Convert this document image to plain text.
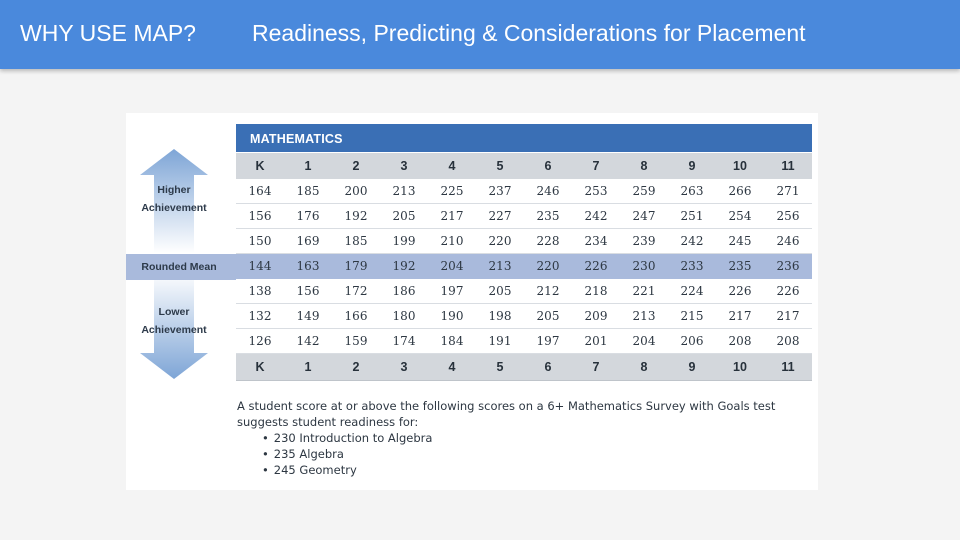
WHY USE MAP? Readiness, Predicting & Considerations for Placement
Higher Achievement
Rounded Mean
Lower Achievement
MATHEMATICS
K	1	2	3	4	5	6	7	8	9	10	11
164	185	200	213	225	237	246	253	259	263	266	271
156	176	192	205	217	227	235	242	247	251	254	256
150	169	185	199	210	220	228	234	239	242	245	246
144	163	179	192	204	213	220	226	230	233	235	236
138	156	172	186	197	205	212	218	221	224	226	226
132	149	166	180	190	198	205	209	213	215	217	217
126	142	159	174	184	191	197	201	204	206	208	208
K	1	2	3	4	5	6	7	8	9	10	11
A student score at or above the following scores on a 6+ Mathematics Survey with Goals test suggests student readiness for:
• 230 Introduction to Algebra
• 235 Algebra
• 245 Geometry
